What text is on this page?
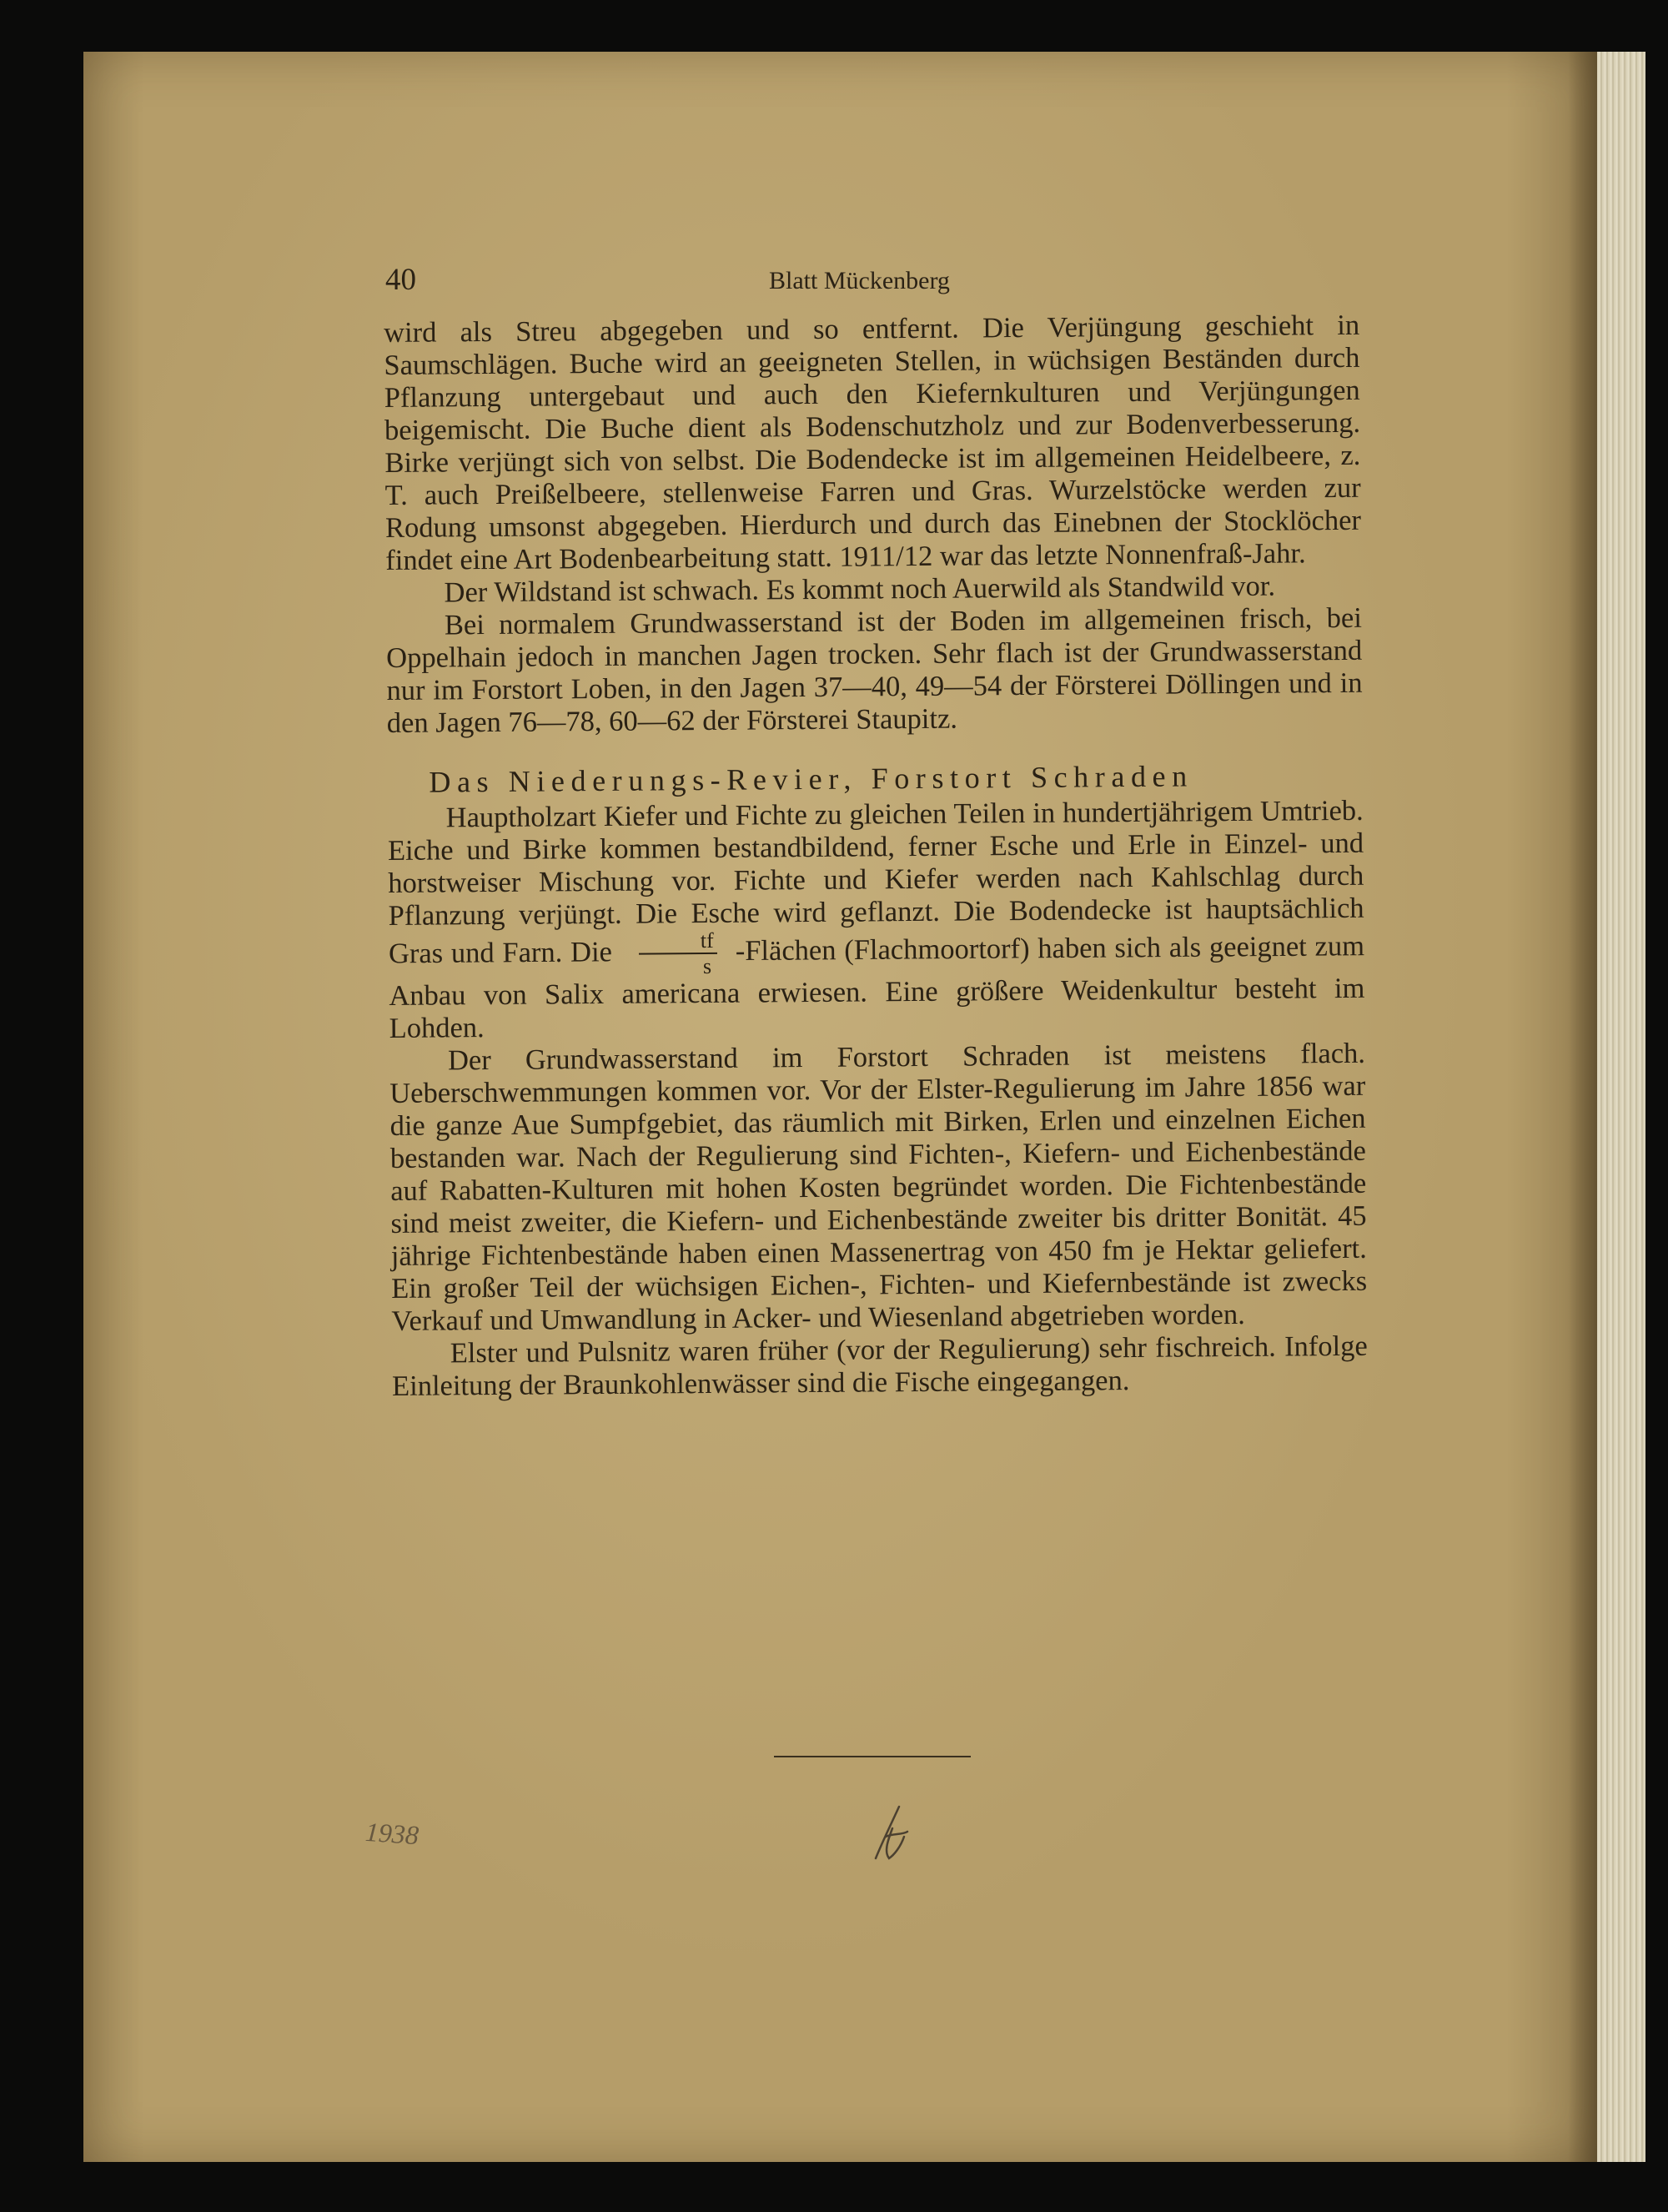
40	Blatt Mückenberg

wird als Streu abgegeben und so entfernt. Die Verjüngung geschieht in Saumschlägen. Buche wird an geeigneten Stellen, in wüchsigen Beständen durch Pflanzung untergebaut und auch den Kiefernkulturen und Verjüngungen beigemischt. Die Buche dient als Bodenschutzholz und zur Bodenverbesserung. Birke verjüngt sich von selbst. Die Bodendecke ist im allgemeinen Heidelbeere, z. T. auch Preißelbeere, stellenweise Farren und Gras. Wurzelstöcke werden zur Rodung umsonst abgegeben. Hierdurch und durch das Einebnen der Stocklöcher findet eine Art Bodenbearbeitung statt. 1911/12 war das letzte Nonnenfraß-Jahr.

Der Wildstand ist schwach. Es kommt noch Auerwild als Standwild vor.

Bei normalem Grundwasserstand ist der Boden im allgemeinen frisch, bei Oppelhain jedoch in manchen Jagen trocken. Sehr flach ist der Grundwasserstand nur im Forstort Loben, in den Jagen 37—40, 49—54 der Försterei Döllingen und in den Jagen 76—78, 60—62 der Försterei Staupitz.

Das Niederungs-Revier, Forstort Schraden

Hauptholzart Kiefer und Fichte zu gleichen Teilen in hundertjährigem Umtrieb. Eiche und Birke kommen bestandbildend, ferner Esche und Erle in Einzel- und horstweiser Mischung vor. Fichte und Kiefer werden nach Kahlschlag durch Pflanzung verjüngt. Die Esche wird geflanzt. Die Bodendecke ist hauptsächlich Gras und Farn. Die $\frac{tf}{s}$ -Flächen (Flachmoortorf) haben sich als geeignet zum Anbau von Salix americana erwiesen. Eine größere Weidenkultur besteht im Lohden.

Der Grundwasserstand im Forstort Schraden ist meistens flach. Ueberschwemmungen kommen vor. Vor der Elster-Regulierung im Jahre 1856 war die ganze Aue Sumpfgebiet, das räumlich mit Birken, Erlen und einzelnen Eichen bestanden war. Nach der Regulierung sind Fichten-, Kiefern- und Eichenbestände auf Rabatten-Kulturen mit hohen Kosten begründet worden. Die Fichtenbestände sind meist zweiter, die Kiefern- und Eichenbestände zweiter bis dritter Bonität. 45 jährige Fichtenbestände haben einen Massenertrag von 450 fm je Hektar geliefert. Ein großer Teil der wüchsigen Eichen-, Fichten- und Kiefernbestände ist zwecks Verkauf und Umwandlung in Acker- und Wiesenland abgetrieben worden.

Elster und Pulsnitz waren früher (vor der Regulierung) sehr fischreich. Infolge Einleitung der Braunkohlenwässer sind die Fische eingegangen.

1938
